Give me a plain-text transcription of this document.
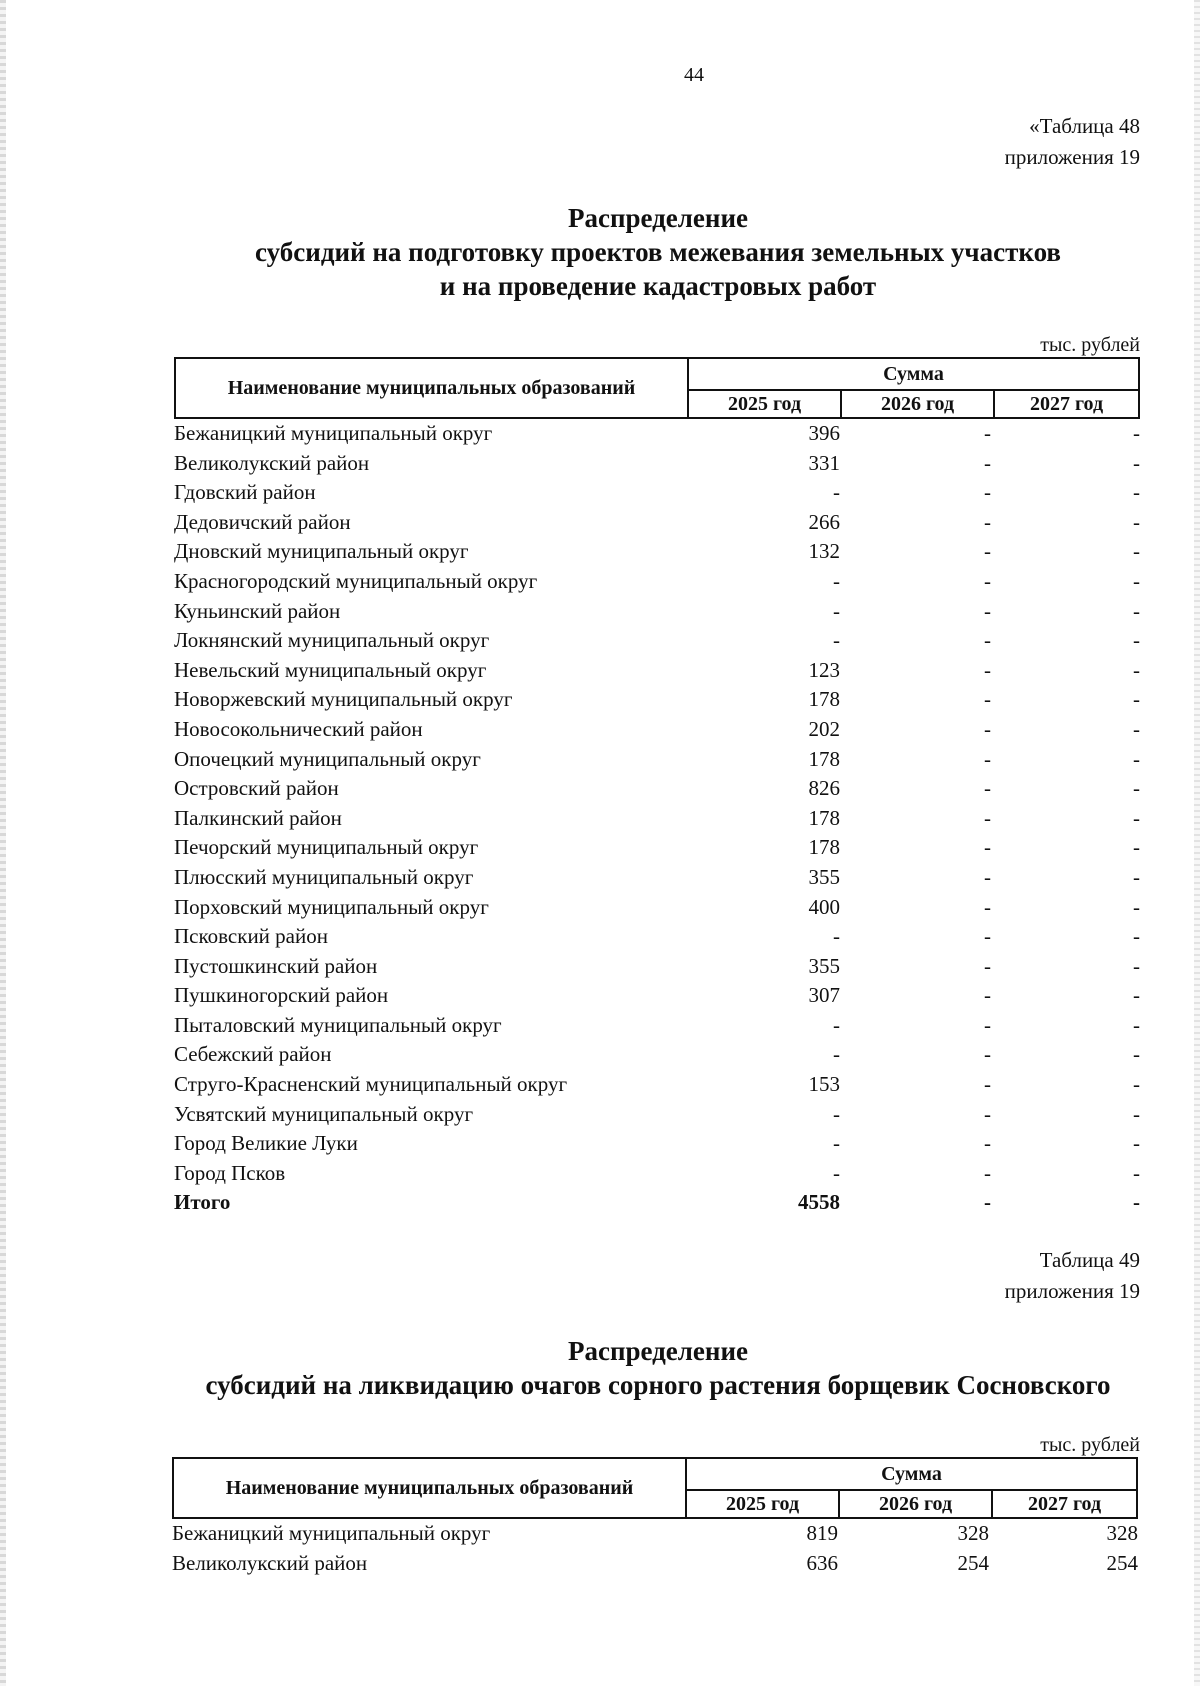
44
«Таблица 48
приложения 19
Распределение
субсидий на подготовку проектов межевания земельных участков
и на проведение кадастровых работ
тыс. рублей
Наименование муниципальных образований	Сумма		
	2025 год	2026 год	2027 год
Бежаницкий муниципальный округ	396	-	-
Великолукский район	331	-	-
Гдовский район	-	-	-
Дедовичский район	266	-	-
Дновский муниципальный округ	132	-	-
Красногородский муниципальный округ	-	-	-
Куньинский район	-	-	-
Локнянский муниципальный округ	-	-	-
Невельский муниципальный округ	123	-	-
Новоржевский муниципальный округ	178	-	-
Новосокольнический район	202	-	-
Опочецкий муниципальный округ	178	-	-
Островский район	826	-	-
Палкинский район	178	-	-
Печорский муниципальный округ	178	-	-
Плюсский муниципальный округ	355	-	-
Порховский муниципальный округ	400	-	-
Псковский район	-	-	-
Пустошкинский район	355	-	-
Пушкиногорский район	307	-	-
Пыталовский муниципальный округ	-	-	-
Себежский район	-	-	-
Струго-Красненский муниципальный округ	153	-	-
Усвятский муниципальный округ	-	-	-
Город Великие Луки	-	-	-
Город Псков	-	-	-
Итого	4558	-	-
Таблица 49
приложения 19
Распределение
субсидий на ликвидацию очагов сорного растения борщевик Сосновского
тыс. рублей
Наименование муниципальных образований	Сумма		
	2025 год	2026 год	2027 год
Бежаницкий муниципальный округ	819	328	328
Великолукский район	636	254	254
